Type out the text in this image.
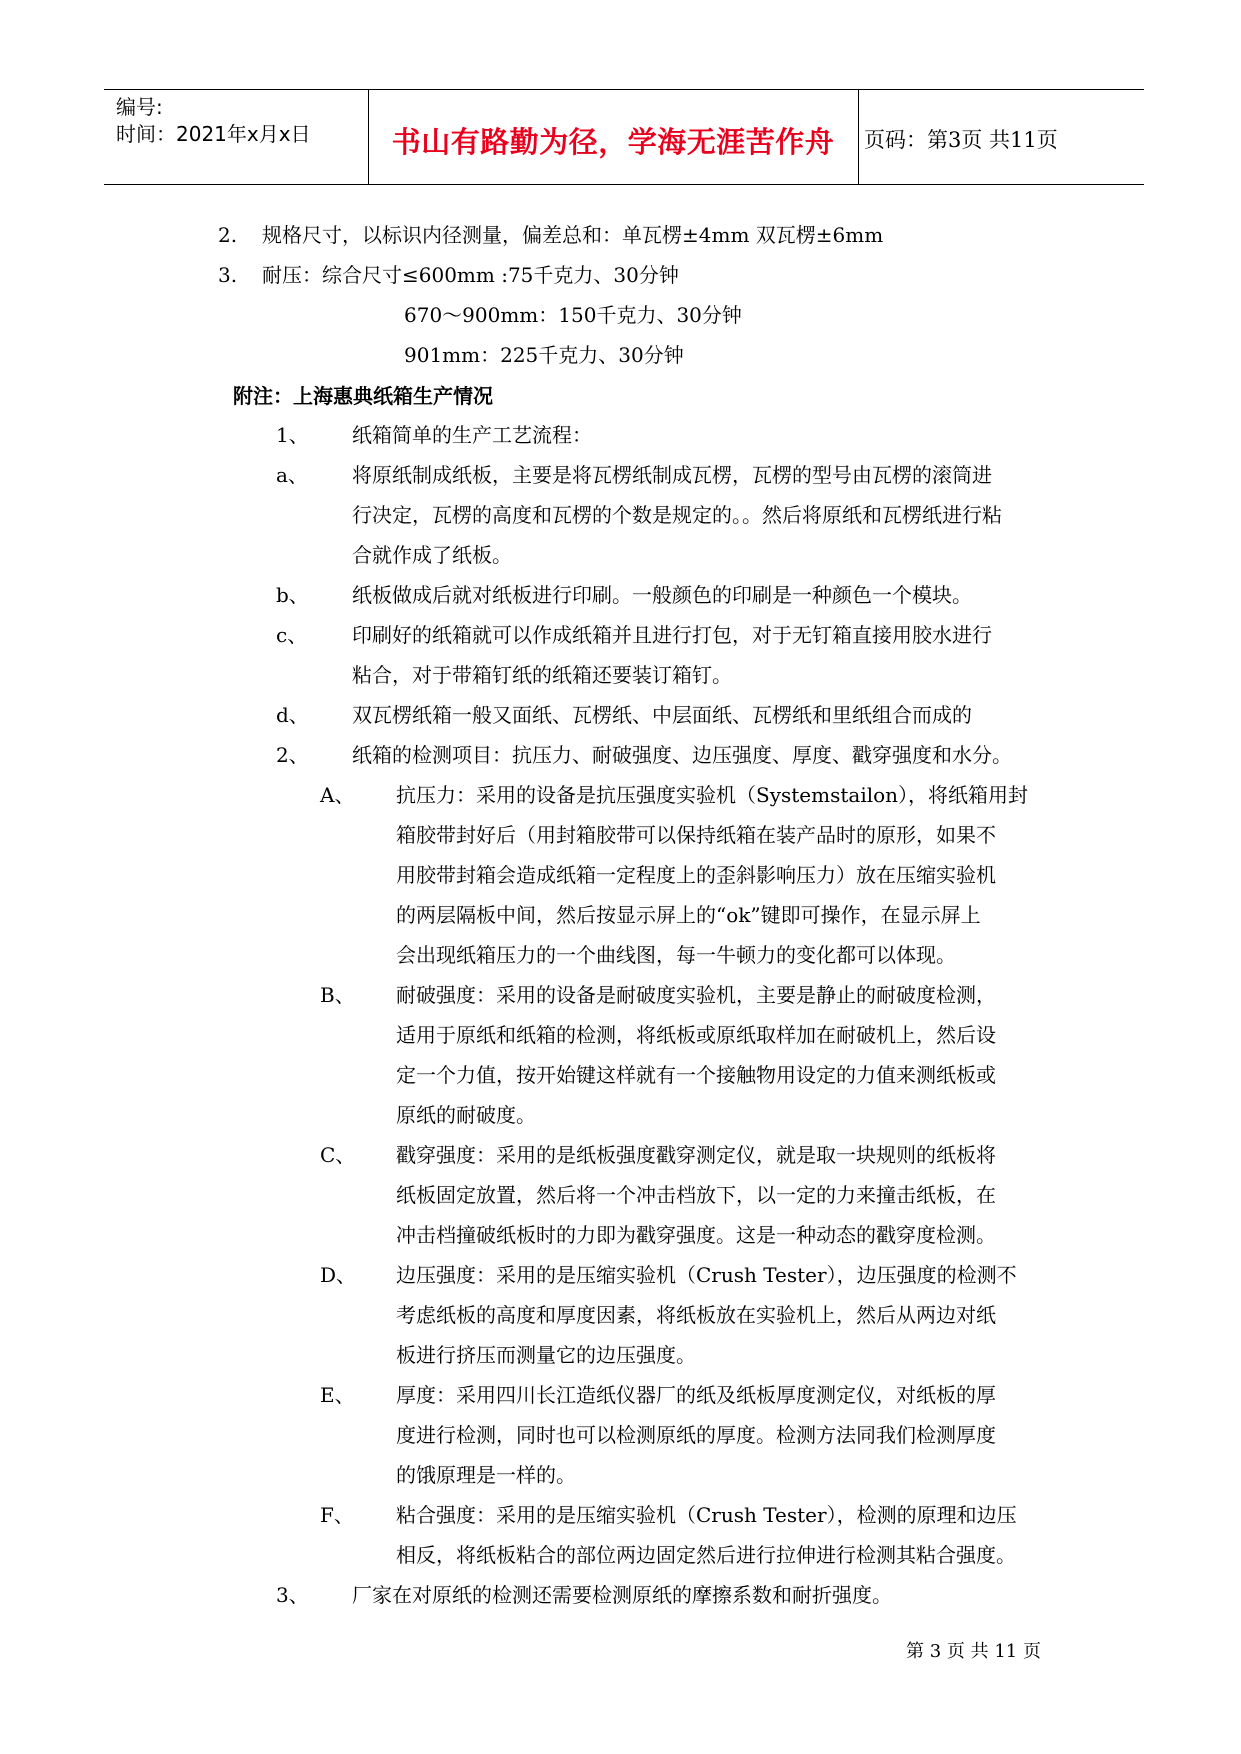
编号:
时间：2021年x月x日	书山有路勤为径，学海无涯苦作舟	页码：第3页 共11页
2. 规格尺寸，以标识内径测量，偏差总和：单瓦楞±4mm 双瓦楞±6mm
3. 耐压：综合尺寸≤600mm :75千克力、30分钟
670～900mm：150千克力、30分钟
901mm：225千克力、30分钟
附注：上海惠典纸箱生产情况
1、 纸箱简单的生产工艺流程：
a、 将原纸制成纸板，主要是将瓦楞纸制成瓦楞，瓦楞的型号由瓦楞的滚筒进
行决定，瓦楞的高度和瓦楞的个数是规定的。。然后将原纸和瓦楞纸进行粘
合就作成了纸板。
b、 纸板做成后就对纸板进行印刷。一般颜色的印刷是一种颜色一个模块。
c、 印刷好的纸箱就可以作成纸箱并且进行打包，对于无钉箱直接用胶水进行
粘合，对于带箱钉纸的纸箱还要装订箱钉。
d、 双瓦楞纸箱一般又面纸、瓦楞纸、中层面纸、瓦楞纸和里纸组合而成的
2、 纸箱的检测项目：抗压力、耐破强度、边压强度、厚度、戳穿强度和水分。
A、 抗压力：采用的设备是抗压强度实验机（Systemstailon），将纸箱用封
箱胶带封好后（用封箱胶带可以保持纸箱在装产品时的原形，如果不
用胶带封箱会造成纸箱一定程度上的歪斜影响压力）放在压缩实验机
的两层隔板中间，然后按显示屏上的“ok”键即可操作，在显示屏上
会出现纸箱压力的一个曲线图，每一牛顿力的变化都可以体现。
B、 耐破强度：采用的设备是耐破度实验机，主要是静止的耐破度检测，
适用于原纸和纸箱的检测，将纸板或原纸取样加在耐破机上，然后设
定一个力值，按开始键这样就有一个接触物用设定的力值来测纸板或
原纸的耐破度。
C、 戳穿强度：采用的是纸板强度戳穿测定仪，就是取一块规则的纸板将
纸板固定放置，然后将一个冲击档放下，以一定的力来撞击纸板，在
冲击档撞破纸板时的力即为戳穿强度。这是一种动态的戳穿度检测。
D、 边压强度：采用的是压缩实验机（Crush Tester），边压强度的检测不
考虑纸板的高度和厚度因素，将纸板放在实验机上，然后从两边对纸
板进行挤压而测量它的边压强度。
E、 厚度：采用四川长江造纸仪器厂的纸及纸板厚度测定仪，对纸板的厚
度进行检测，同时也可以检测原纸的厚度。检测方法同我们检测厚度
的饿原理是一样的。
F、 粘合强度：采用的是压缩实验机（Crush Tester），检测的原理和边压
相反，将纸板粘合的部位两边固定然后进行拉伸进行检测其粘合强度。
3、 厂家在对原纸的检测还需要检测原纸的摩擦系数和耐折强度。
第 3 页 共 11 页
